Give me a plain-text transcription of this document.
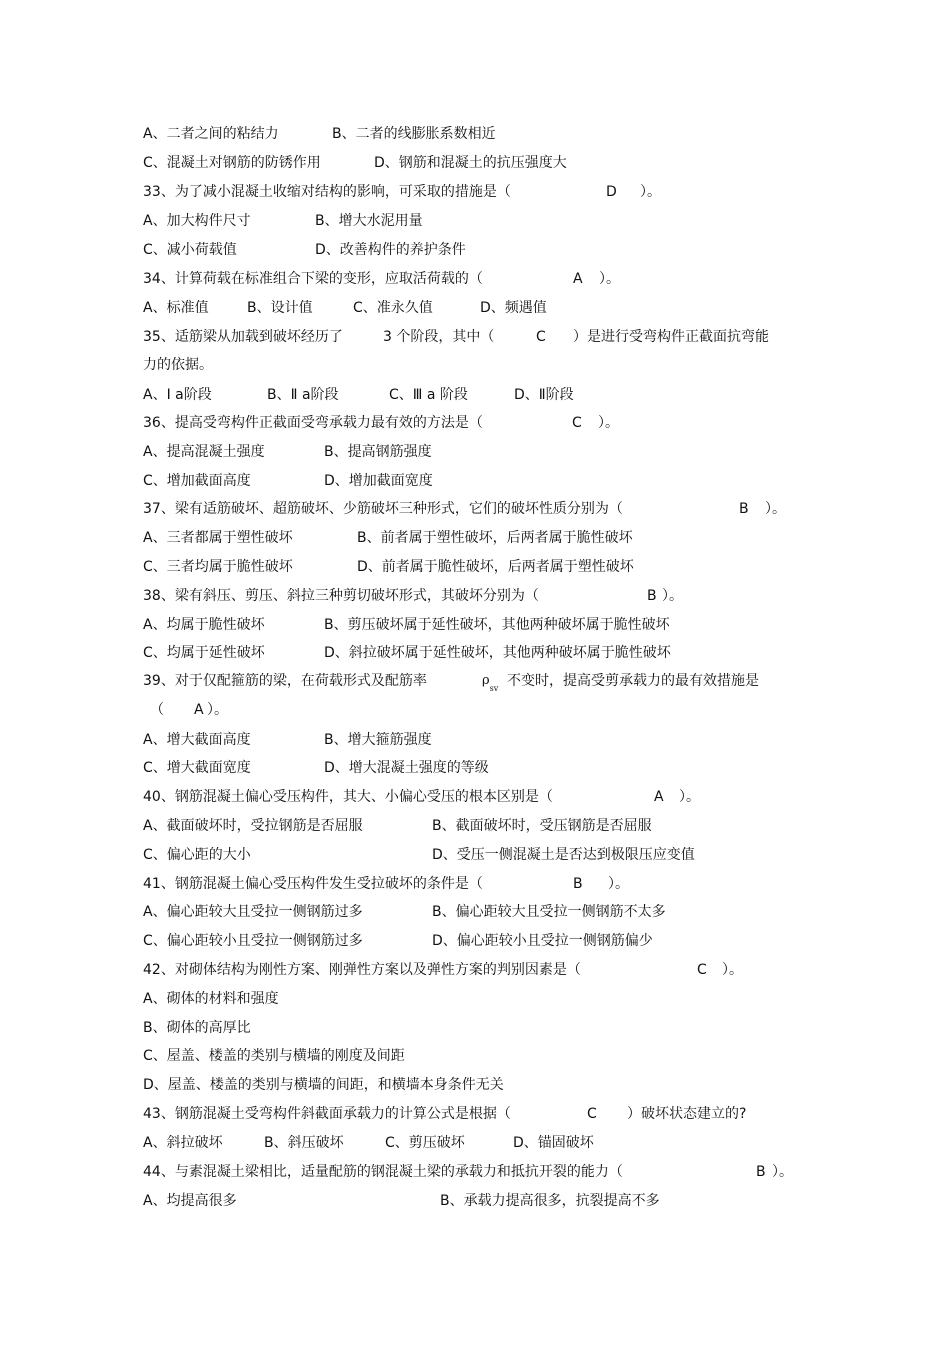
A、二者之间的粘结力	B、二者的线膨胀系数相近
C、混凝土对钢筋的防锈作用	D、钢筋和混凝土的抗压强度大
33、为了减小混凝土收缩对结构的影响，可采取的措施是（	D ）。
A、加大构件尺寸	B、增大水泥用量
C、减小荷载值	D、改善构件的养护条件
34、计算荷载在标准组合下梁的变形，应取活荷载的（	A ）。
A、标准值	B、设计值	C、准永久值	D、频遇值
35、适筋梁从加载到破坏经历了	3 个阶段，其中（	C ）是进行受弯构件正截面抗弯能
力的依据。
A、Ⅰ a阶段	B、Ⅱ a阶段	C、Ⅲ a 阶段	D、Ⅱ阶段
36、提高受弯构件正截面受弯承载力最有效的方法是（	C ）。
A、提高混凝土强度	B、提高钢筋强度
C、增加截面高度	D、增加截面宽度
37、梁有适筋破坏、超筋破坏、少筋破坏三种形式，它们的破坏性质分别为（	B ）。
A、三者都属于塑性破坏	B、前者属于塑性破坏，后两者属于脆性破坏
C、三者均属于脆性破坏	D、前者属于脆性破坏，后两者属于塑性破坏
38、梁有斜压、剪压、斜拉三种剪切破坏形式，其破坏分别为（	B ）。
A、均属于脆性破坏	B、剪压破坏属于延性破坏，其他两种破坏属于脆性破坏
C、均属于延性破坏	D、斜拉破坏属于延性破坏，其他两种破坏属于脆性破坏
39、对于仅配箍筋的梁，在荷载形式及配筋率	$\rho_{sv}$ 不变时，提高受剪承载力的最有效措施是
（ A ）。
A、增大截面高度	B、增大箍筋强度
C、增大截面宽度	D、增大混凝土强度的等级
40、钢筋混凝土偏心受压构件，其大、小偏心受压的根本区别是（	A ）。
A、截面破坏时，受拉钢筋是否屈服	B、截面破坏时，受压钢筋是否屈服
C、偏心距的大小	D、受压一侧混凝土是否达到极限压应变值
41、钢筋混凝土偏心受压构件发生受拉破坏的条件是（	B ）。
A、偏心距较大且受拉一侧钢筋过多	B、偏心距较大且受拉一侧钢筋不太多
C、偏心距较小且受拉一侧钢筋过多	D、偏心距较小且受拉一侧钢筋偏少
42、对砌体结构为刚性方案、刚弹性方案以及弹性方案的判别因素是（	C ）。
A、砌体的材料和强度
B、砌体的高厚比
C、屋盖、楼盖的类别与横墙的刚度及间距
D、屋盖、楼盖的类别与横墙的间距，和横墙本身条件无关
43、钢筋混凝土受弯构件斜截面承载力的计算公式是根据（	C ）破坏状态建立的?
A、斜拉破坏	B、斜压破坏	C、剪压破坏	D、锚固破坏
44、与素混凝土梁相比，适量配筋的钢混凝土梁的承载力和抵抗开裂的能力（	B ）。
A、均提高很多	B、承载力提高很多，抗裂提高不多
